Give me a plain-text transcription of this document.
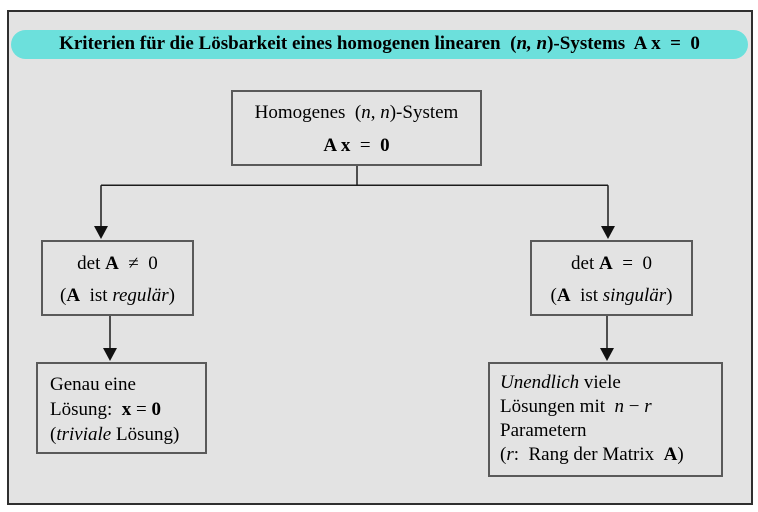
Kriterien für die Lösbarkeit eines homogenen linearen  (n, n)-Systems  A x  =  0
Homogenes  (n, n)-System
A x  =  0
det A  ≠  0
(A  ist regulär)
det A  =  0
(A  ist singulär)
Genau eine
Lösung:  x = 0
(triviale Lösung)
Unendlich viele
Lösungen mit  n − r
Parametern
(r:  Rang der Matrix  A)
